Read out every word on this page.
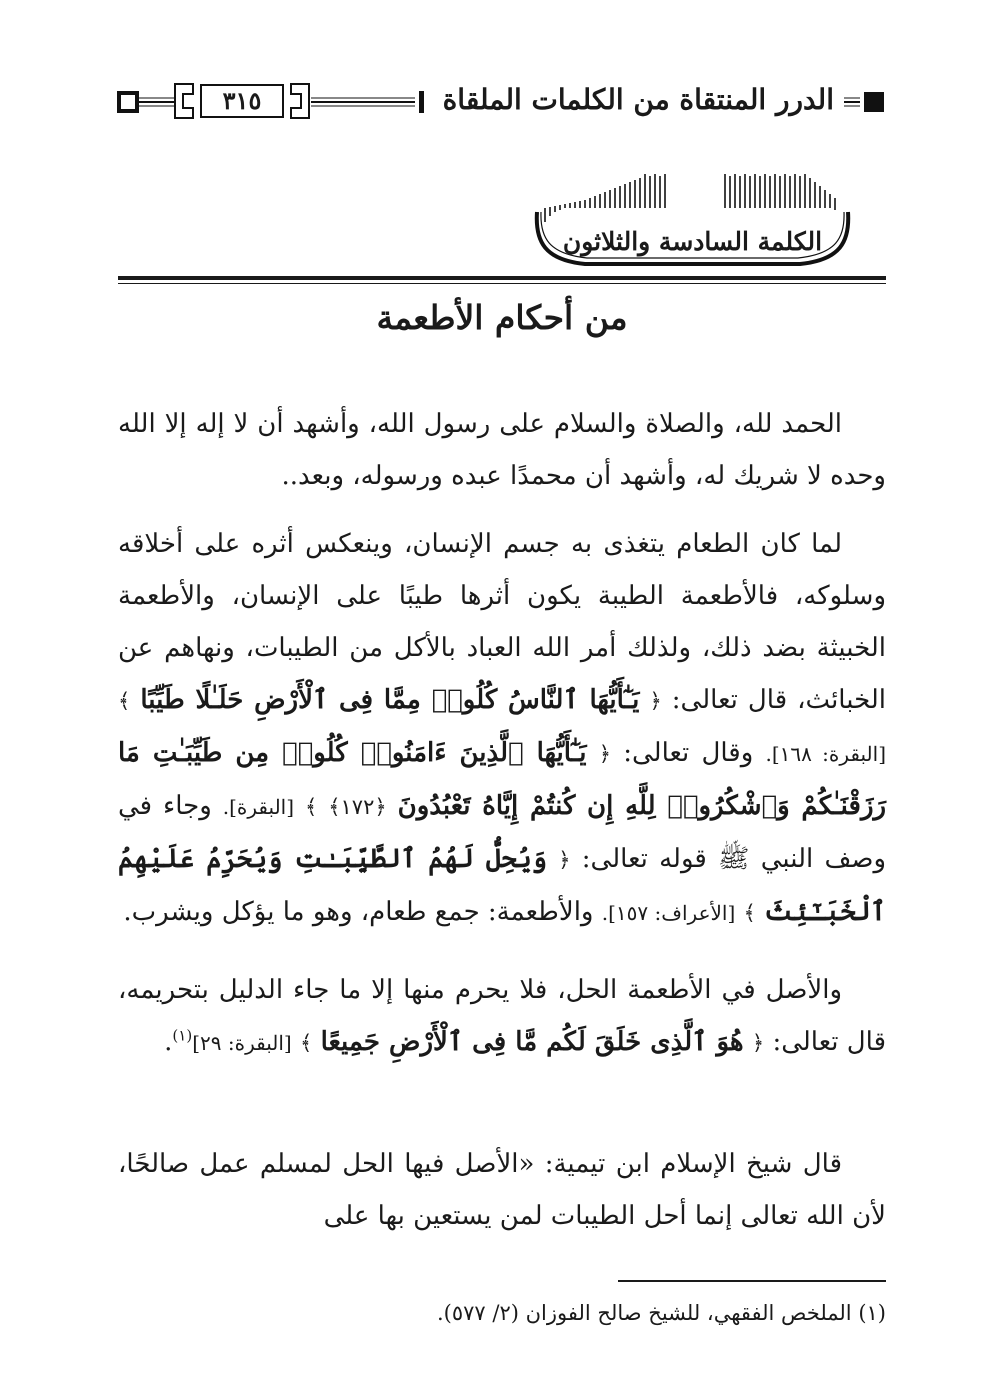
٣١٥	الدرر المنتقاة من الكلمات الملقاة
الكلمة السادسة والثلاثون
من أحكام الأطعمة

الحمد لله، والصلاة والسلام على رسول الله، وأشهد أن لا إله إلا الله وحده لا شريك له، وأشهد أن محمدًا عبده ورسوله، وبعد..

لما كان الطعام يتغذى به جسم الإنسان، وينعكس أثره على أخلاقه وسلوكه، فالأطعمة الطيبة يكون أثرها طيبًا على الإنسان، والأطعمة الخبيثة بضد ذلك، ولذلك أمر الله العباد بالأكل من الطيبات، ونهاهم عن الخبائث، قال تعالى: ﴿ يَـٰٓأَيُّهَا ٱلنَّاسُ كُلُوا۟ مِمَّا فِى ٱلْأَرْضِ حَلَـٰلًا طَيِّبًا ﴾ [البقرة: ١٦٨]. وقال تعالى: ﴿ يَـٰٓأَيُّهَا ٱلَّذِينَ ءَامَنُوا۟ كُلُوا۟ مِن طَيِّبَـٰتِ مَا رَزَقْنَـٰكُمْ وَٱشْكُرُوا۟ لِلَّهِ إِن كُنتُمْ إِيَّاهُ تَعْبُدُونَ ﴿١٧٢﴾ ﴾ [البقرة]. وجاء في وصف النبي ﷺ قوله تعالى: ﴿ وَيُحِلُّ لَهُمُ ٱلطَّيِّبَـٰتِ وَيُحَرِّمُ عَلَيْهِمُ ٱلْخَبَـٰٓئِثَ ﴾ [الأعراف: ١٥٧]. والأطعمة: جمع طعام، وهو ما يؤكل ويشرب.

والأصل في الأطعمة الحل، فلا يحرم منها إلا ما جاء الدليل بتحريمه، قال تعالى: ﴿ هُوَ ٱلَّذِى خَلَقَ لَكُم مَّا فِى ٱلْأَرْضِ جَمِيعًا ﴾ [البقرة: ٢٩]$^{(١)}$.

قال شيخ الإسلام ابن تيمية: «الأصل فيها الحل لمسلم عمل صالحًا، لأن الله تعالى إنما أحل الطيبات لمن يستعين بها على

(١) الملخص الفقهي، للشيخ صالح الفوزان (٢/ ٥٧٧).
